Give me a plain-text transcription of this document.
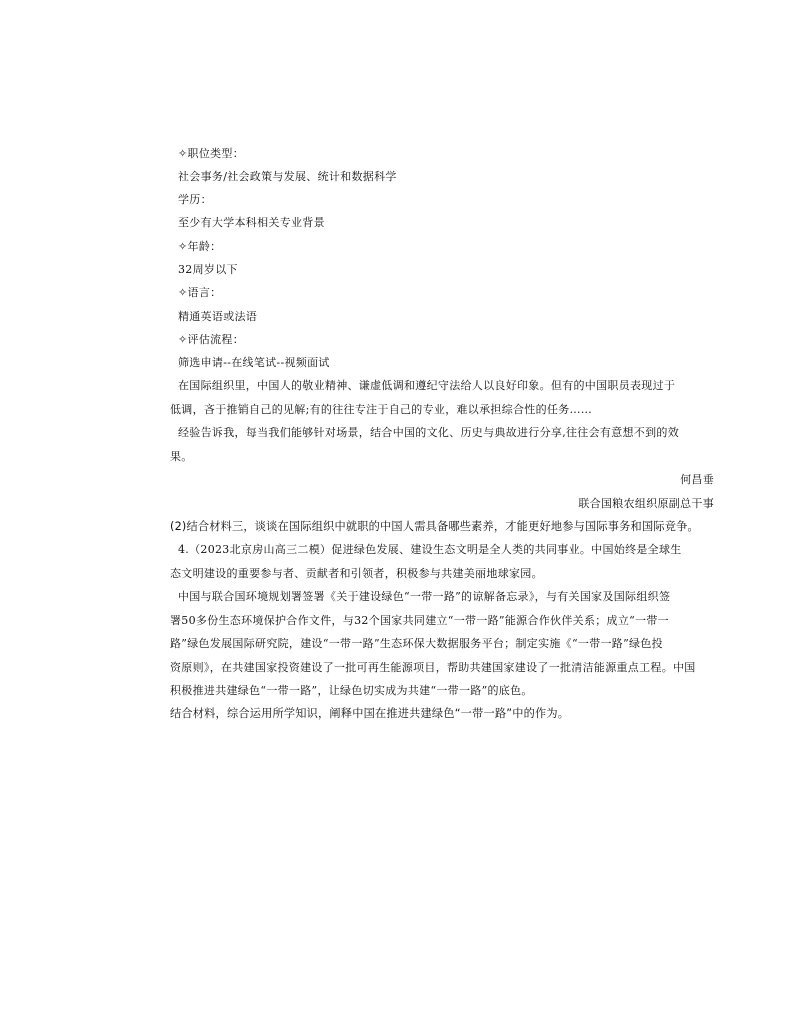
✧职位类型：
社会事务/社会政策与发展、统计和数据科学
学历：
至少有大学本科相关专业背景
✧年龄：
32周岁以下
✧语言：
精通英语或法语
✧评估流程：
筛选申请--在线笔试--视频面试
在国际组织里，中国人的敬业精神、谦虚低调和遵纪守法给人以良好印象。但有的中国职员表现过于
低调，吝于推销自己的见解;有的往往专注于自己的专业，难以承担综合性的任务……
经验告诉我，每当我们能够针对场景，结合中国的文化、历史与典故进行分享,往往会有意想不到的效
果。
何昌垂
联合国粮农组织原副总干事
(2)结合材料三，谈谈在国际组织中就职的中国人需具备哪些素养，才能更好地参与国际事务和国际竞争。
4.（2023北京房山高三二模）促进绿色发展、建设生态文明是全人类的共同事业。中国始终是全球生
态文明建设的重要参与者、贡献者和引领者，积极参与共建美丽地球家园。
中国与联合国环境规划署签署《关于建设绿色“一带一路”的谅解备忘录》，与有关国家及国际组织签
署50多份生态环境保护合作文件，与32个国家共同建立“一带一路”能源合作伙伴关系；成立“一带一
路”绿色发展国际研究院，建设“一带一路”生态环保大数据服务平台；制定实施《“一带一路”绿色投
资原则》，在共建国家投资建设了一批可再生能源项目，帮助共建国家建设了一批清洁能源重点工程。中国
积极推进共建绿色“一带一路”，让绿色切实成为共建“一带一路”的底色。
结合材料，综合运用所学知识，阐释中国在推进共建绿色“一带一路”中的作为。
